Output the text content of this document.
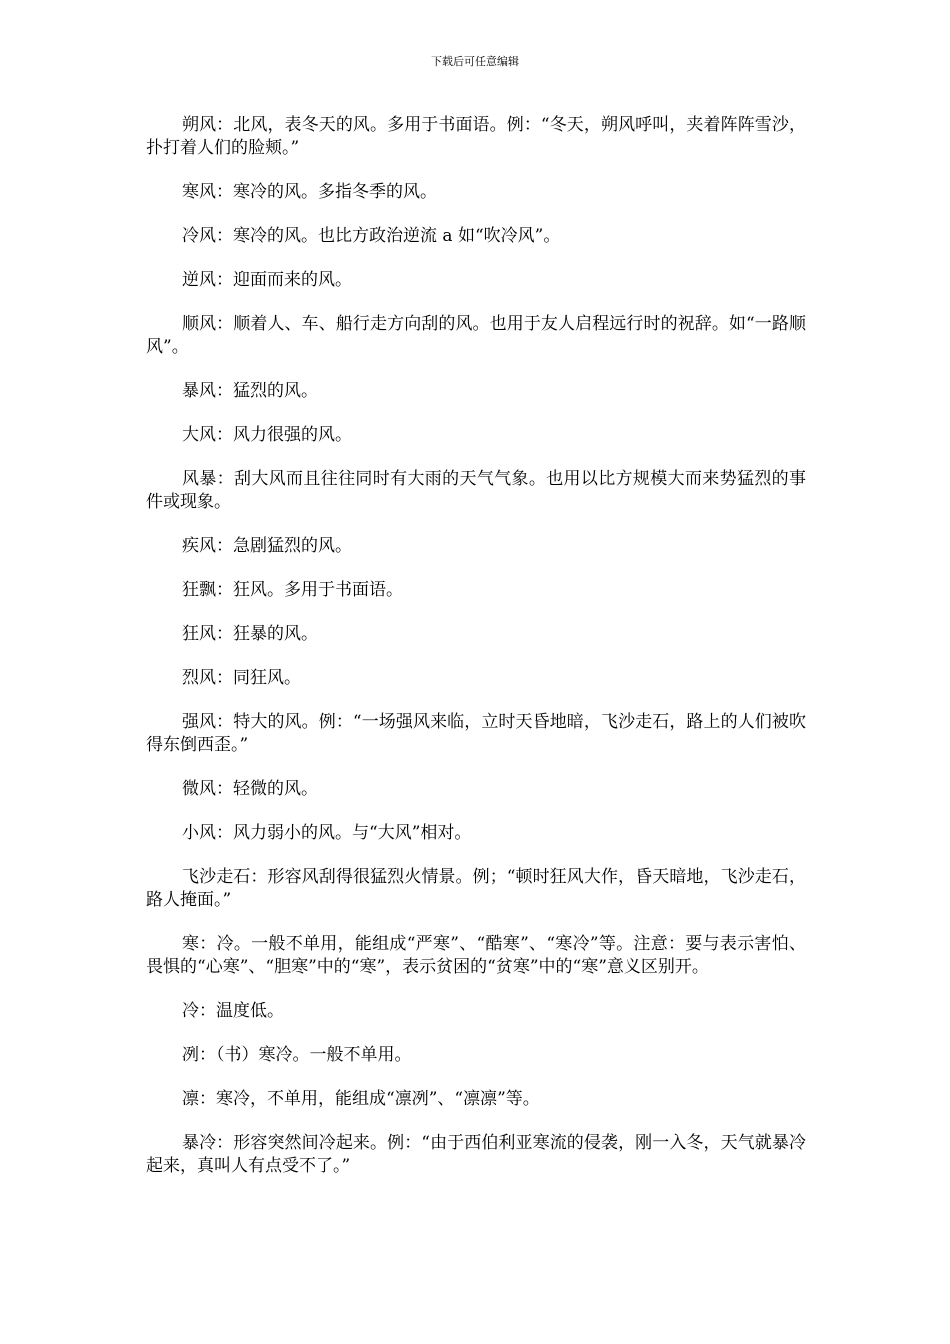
下载后可任意编辑

朔风：北风，表冬天的风。多用于书面语。例：“冬天，朔风呼叫，夹着阵阵雪沙，扑打着人们的脸颊。”

寒风：寒冷的风。多指冬季的风。

冷风：寒冷的风。也比方政治逆流 a 如“吹冷风”。

逆风：迎面而来的风。

顺风：顺着人、车、船行走方向刮的风。也用于友人启程远行时的祝辞。如“一路顺风”。

暴风：猛烈的风。

大风：风力很强的风。

风暴：刮大风而且往往同时有大雨的天气气象。也用以比方规模大而来势猛烈的事件或现象。

疾风：急剧猛烈的风。

狂飘：狂风。多用于书面语。

狂风：狂暴的风。

烈风：同狂风。

强风：特大的风。例：“一场强风来临，立时天昏地暗，飞沙走石，路上的人们被吹得东倒西歪。”

微风：轻微的风。

小风：风力弱小的风。与“大风”相对。

飞沙走石：形容风刮得很猛烈火情景。例；“顿时狂风大作，昏天暗地，飞沙走石，路人掩面。”

寒：冷。一般不单用，能组成“严寒”、“酷寒”、“寒冷”等。注意：要与表示害怕、畏惧的“心寒”、“胆寒”中的“寒”，表示贫困的“贫寒”中的“寒”意义区别开。

冷：温度低。

冽：（书）寒冷。一般不单用。

凛：寒冷，不单用，能组成“凛冽”、“凛凛”等。

暴冷：形容突然间冷起来。例：“由于西伯利亚寒流的侵袭，刚一入冬，天气就暴冷起来，真叫人有点受不了。”
